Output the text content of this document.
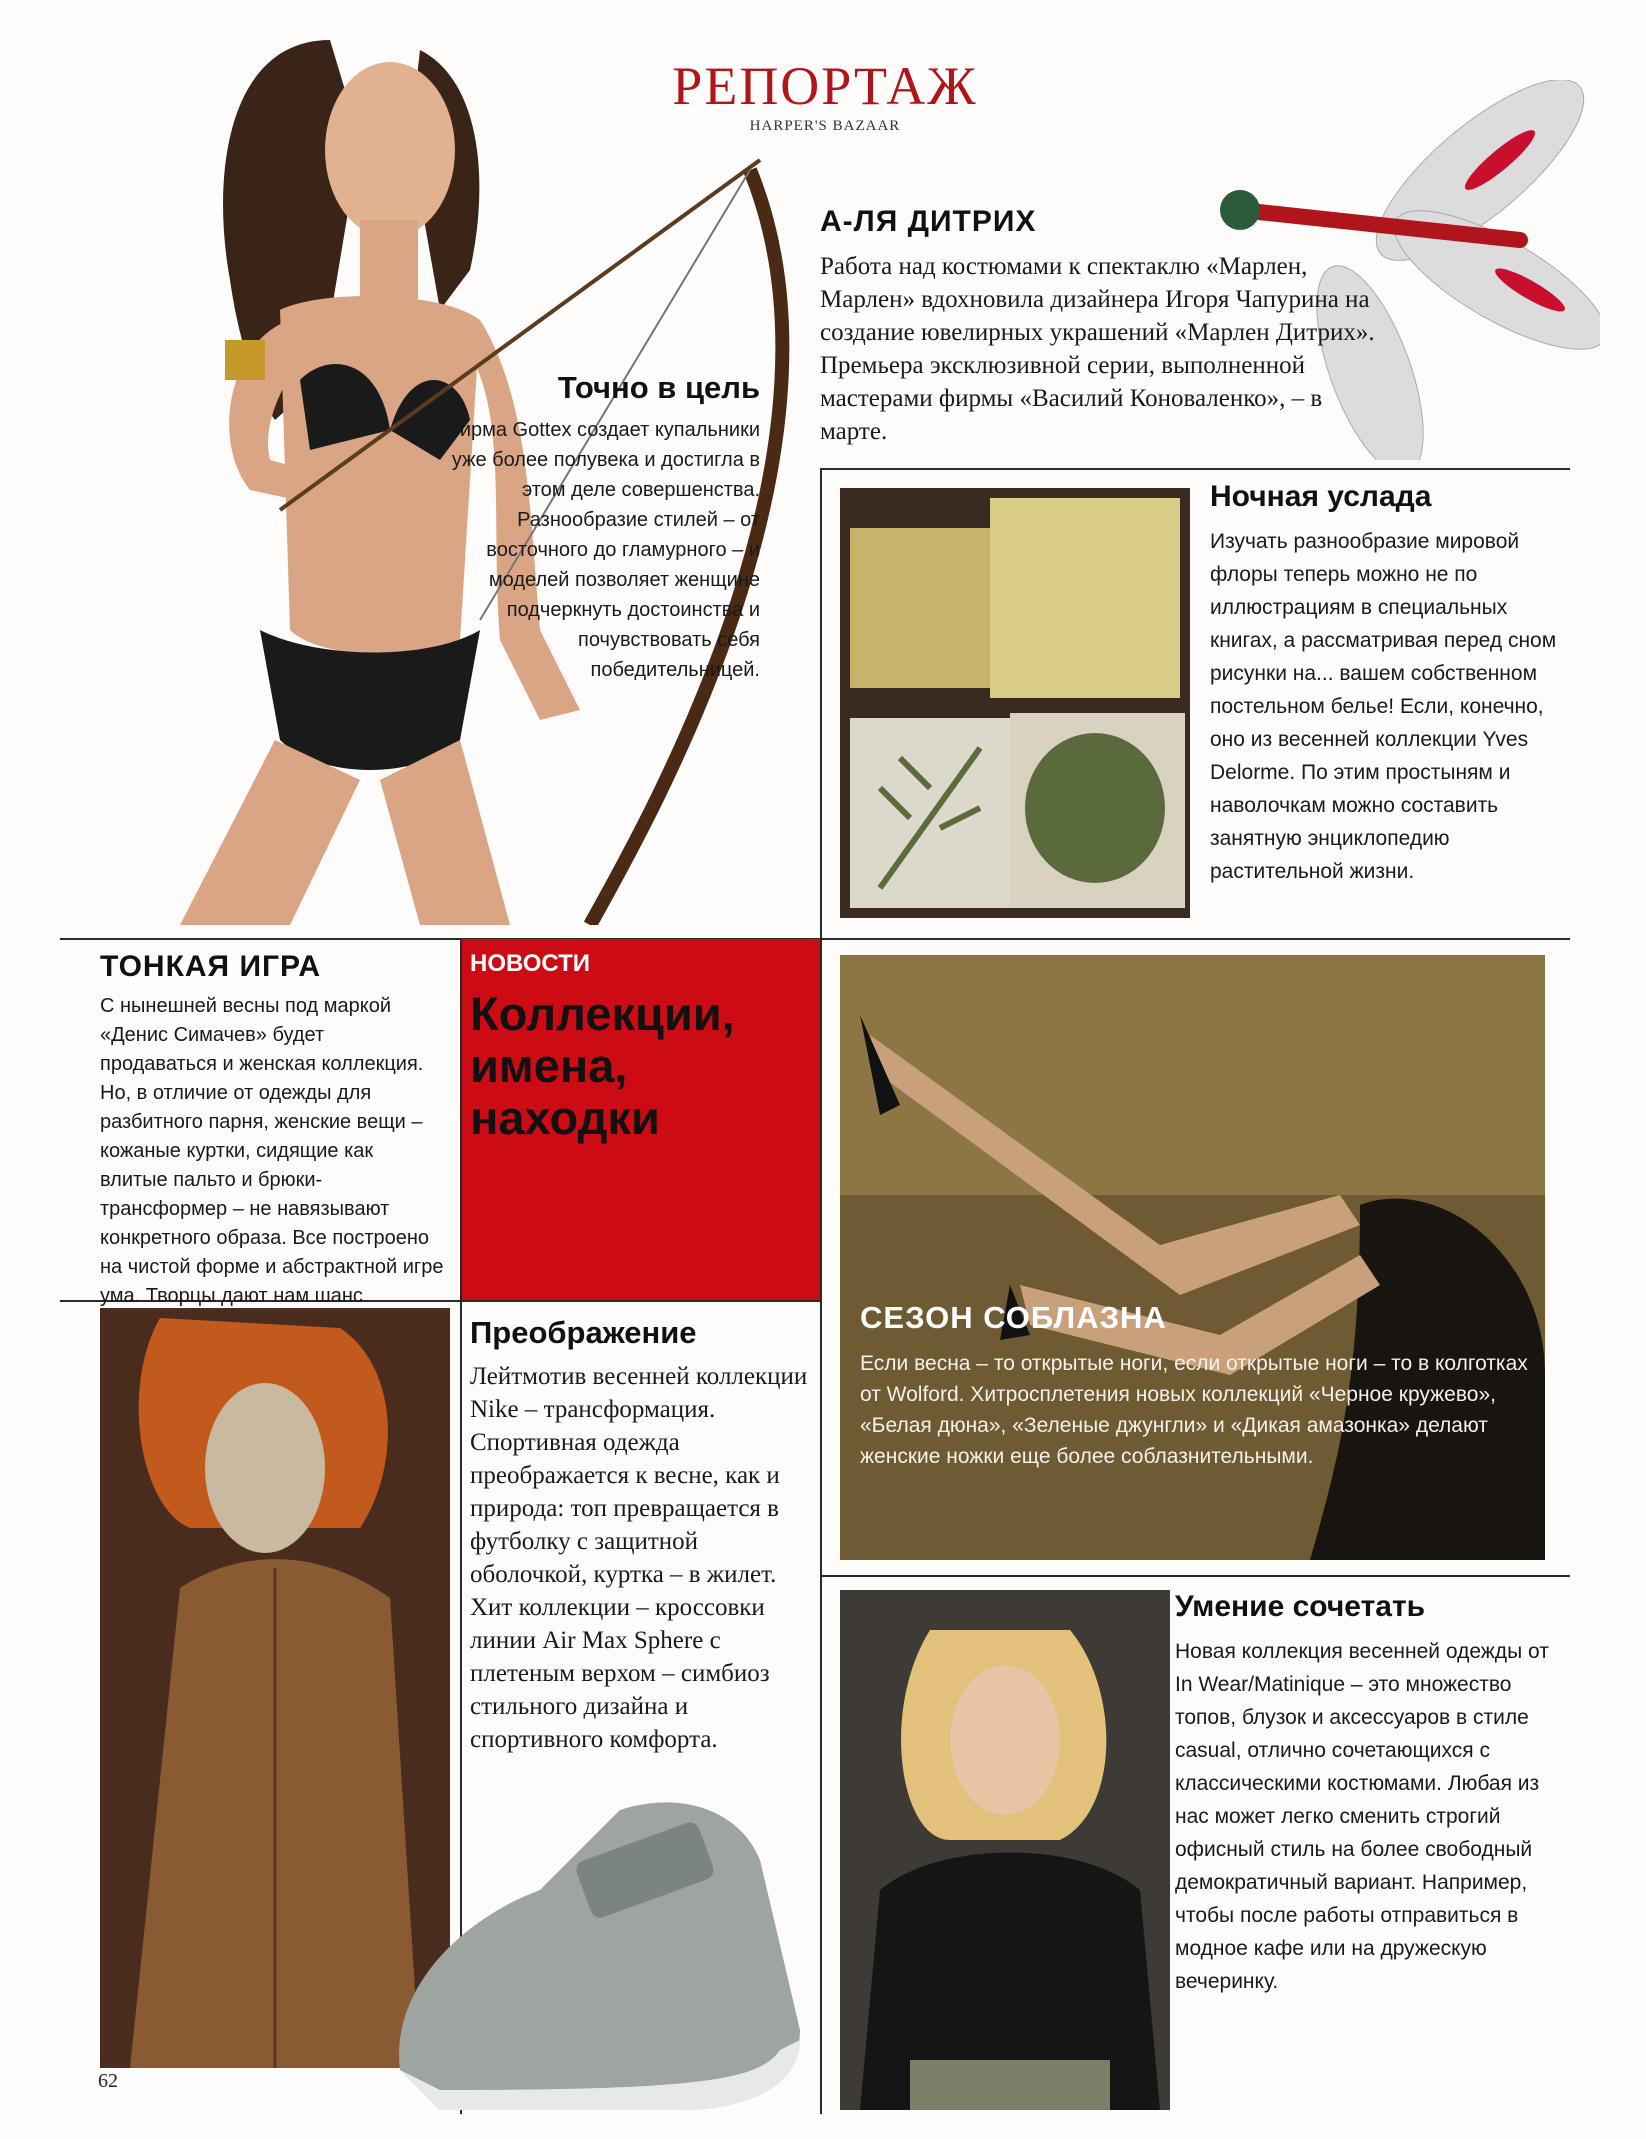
РЕПОРТАЖ
HARPER'S BAZAAR
Точно в цель
Фирма Gottex создает купальники уже более полувека и достигла в этом деле совершенства. Разнообразие стилей – от восточного до гламурного – и моделей позволяет женщине подчеркнуть достоинства и почувствовать себя победительницей.
А-ЛЯ ДИТРИХ
Работа над костюмами к спектаклю «Марлен, Марлен» вдохновила дизайнера Игоря Чапурина на создание ювелирных украшений «Марлен Дитрих». Премьера эксклюзивной серии, выполненной мастерами фирмы «Василий Коноваленко», – в марте.
Ночная услада
Изучать разнообразие мировой флоры теперь можно не по иллюстрациям в специальных книгах, а рассматривая перед сном рисунки на... вашем собственном постельном белье! Если, конечно, оно из весенней коллекции Yves Delorme. По этим простыням и наволочкам можно составить занятную энциклопедию растительной жизни.
ТОНКАЯ ИГРА
С нынешней весны под маркой «Денис Симачев» будет продаваться и женская коллекция. Но, в отличие от одежды для разбитного парня, женские вещи – кожаные куртки, сидящие как влитые пальто и брюки-трансформер – не навязывают конкретного образа. Все построено на чистой форме и абстрактной игре ума. Творцы дают нам шанс
НОВОСТИ
Коллекции, имена, находки
СЕЗОН СОБЛАЗНА
Если весна – то открытые ноги, если открытые ноги – то в колготках от Wolford. Хитросплетения новых коллекций «Черное кружево», «Белая дюна», «Зеленые джунгли» и «Дикая амазонка» делают женские ножки еще более соблазнительными.
Преображение
Лейтмотив весенней коллекции Nike – трансформация. Спортивная одежда преображается к весне, как и природа: топ превращается в футболку с защитной оболочкой, куртка – в жилет. Хит коллекции – кроссовки линии Air Max Sphere с плетеным верхом – симбиоз стильного дизайна и спортивного комфорта.
Умение сочетать
Новая коллекция весенней одежды от In Wear/Matinique – это множество топов, блузок и аксессуаров в стиле casual, отлично сочетающихся с классическими костюмами. Любая из нас может легко сменить строгий офисный стиль на более свободный демократичный вариант. Например, чтобы после работы отправиться в модное кафе или на дружескую вечеринку.
62
